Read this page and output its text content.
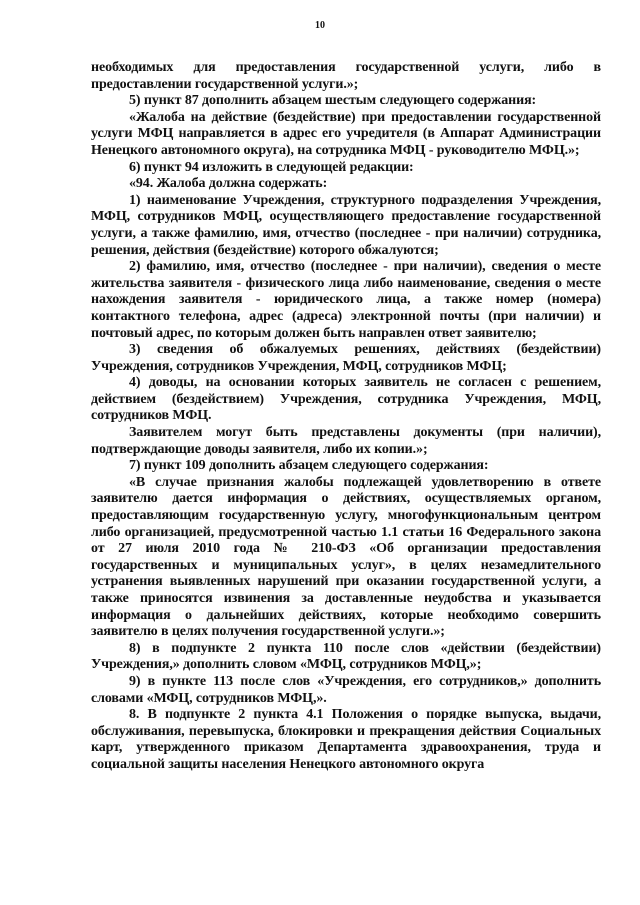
10

необходимых для предоставления государственной услуги, либо в предоставлении государственной услуги.»;

5) пункт 87 дополнить абзацем шестым следующего содержания:

«Жалоба на действие (бездействие) при предоставлении государственной услуги МФЦ направляется в адрес его учредителя (в Аппарат Администрации Ненецкого автономного округа), на сотрудника МФЦ - руководителю МФЦ.»;

6) пункт 94 изложить в следующей редакции:

«94. Жалоба должна содержать:

1) наименование Учреждения, структурного подразделения Учреждения, МФЦ, сотрудников МФЦ, осуществляющего предоставление государственной услуги, а также фамилию, имя, отчество (последнее - при наличии) сотрудника, решения, действия (бездействие) которого обжалуются;

2) фамилию, имя, отчество (последнее - при наличии), сведения о месте жительства заявителя - физического лица либо наименование, сведения о месте нахождения заявителя - юридического лица, а также номер (номера) контактного телефона, адрес (адреса) электронной почты (при наличии) и почтовый адрес, по которым должен быть направлен ответ заявителю;

3) сведения об обжалуемых решениях, действиях (бездействии) Учреждения, сотрудников Учреждения, МФЦ, сотрудников МФЦ;

4) доводы, на основании которых заявитель не согласен с решением, действием (бездействием) Учреждения, сотрудника Учреждения, МФЦ, сотрудников МФЦ.

Заявителем могут быть представлены документы (при наличии), подтверждающие доводы заявителя, либо их копии.»;

7) пункт 109 дополнить абзацем следующего содержания:

«В случае признания жалобы подлежащей удовлетворению в ответе заявителю дается информация о действиях, осуществляемых органом, предоставляющим государственную услугу, многофункциональным центром либо организацией, предусмотренной частью 1.1 статьи 16 Федерального закона от 27 июля 2010 года № 210-ФЗ «Об организации предоставления государственных и муниципальных услуг», в целях незамедлительного устранения выявленных нарушений при оказании государственной услуги, а также приносятся извинения за доставленные неудобства и указывается информация о дальнейших действиях, которые необходимо совершить заявителю в целях получения государственной услуги.»;

8) в подпункте 2 пункта 110 после слов «действии (бездействии) Учреждения,» дополнить словом «МФЦ, сотрудников МФЦ,»;

9) в пункте 113 после слов «Учреждения, его сотрудников,» дополнить словами «МФЦ, сотрудников МФЦ,».

8. В подпункте 2 пункта 4.1 Положения о порядке выпуска, выдачи, обслуживания, перевыпуска, блокировки и прекращения действия Социальных карт, утвержденного приказом Департамента здравоохранения, труда и социальной защиты населения Ненецкого автономного округа
